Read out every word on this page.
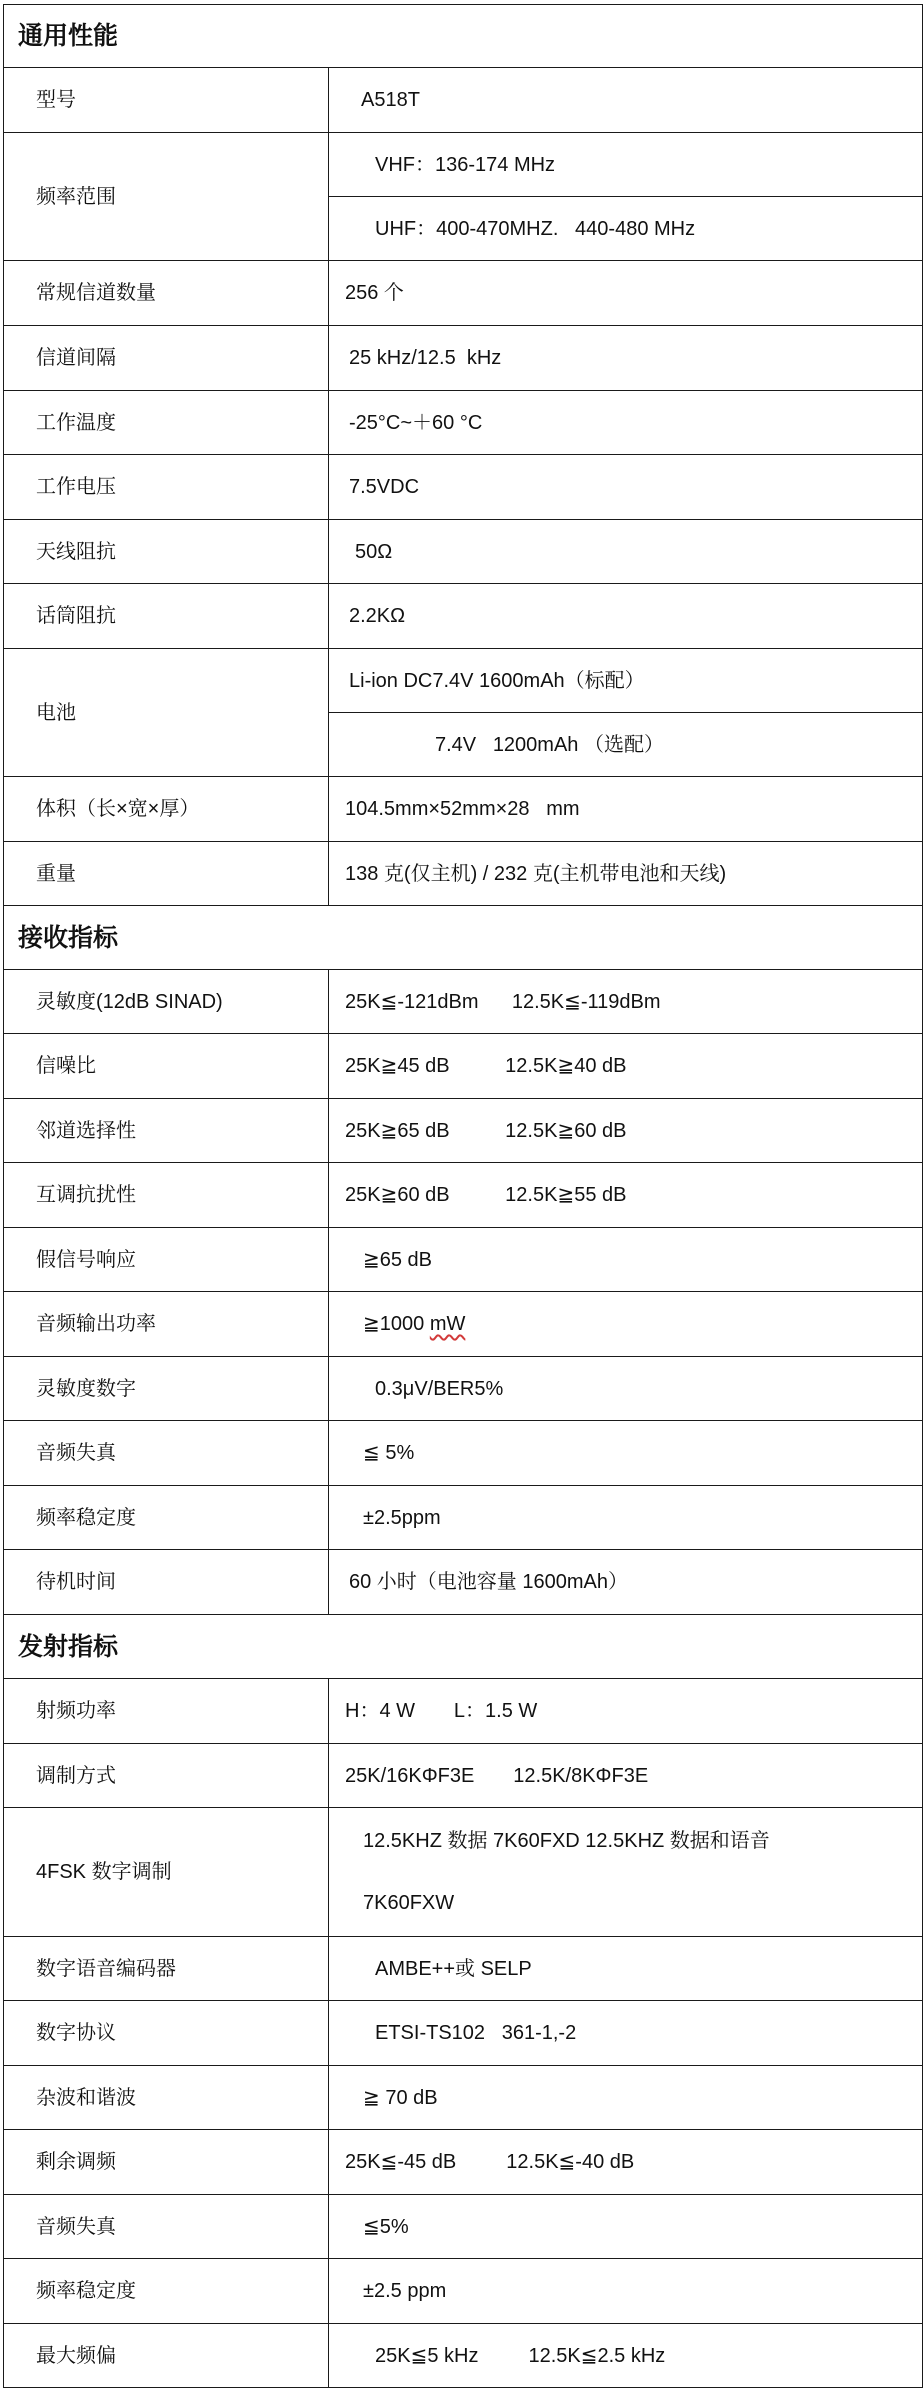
通用性能	
型号	A518T
频率范围	VHF：136-174 MHz
	UHF：400-470MHZ.   440-480 MHz
常规信道数量	256 个
信道间隔	25 kHz/12.5  kHz
工作温度	-25°C~＋60 °C
工作电压	7.5VDC
天线阻抗	50Ω
话筒阻抗	2.2KΩ
电池	Li-ion DC7.4V 1600mAh（标配）
	7.4V   1200mAh （选配）
体积（长×宽×厚）	104.5mm×52mm×28   mm
重量	138 克(仅主机) / 232 克(主机带电池和天线)
接收指标	
灵敏度(12dB SINAD)	25K≦-121dBm      12.5K≦-119dBm
信噪比	25K≧45 dB          12.5K≧40 dB
邻道选择性	25K≧65 dB          12.5K≧60 dB
互调抗扰性	25K≧60 dB          12.5K≧55 dB
假信号响应	≧65 dB
音频输出功率	≧1000 mW
灵敏度数字	0.3μV/BER5%
音频失真	≦ 5%
频率稳定度	±2.5ppm
待机时间	60 小时（电池容量 1600mAh）
发射指标	
射频功率	H：4 W       L：1.5 W
调制方式	25K/16KΦF3E       12.5K/8KΦF3E
4FSK 数字调制	12.5KHZ 数据 7K60FXD 12.5KHZ 数据和语音 7K60FXW
数字语音编码器	AMBE++或 SELP
数字协议	ETSI-TS102   361-1,-2
杂波和谐波	≧ 70 dB
剩余调频	25K≦-45 dB         12.5K≦-40 dB
音频失真	≦5%
频率稳定度	±2.5 ppm
最大频偏	25K≦5 kHz         12.5K≦2.5 kHz
